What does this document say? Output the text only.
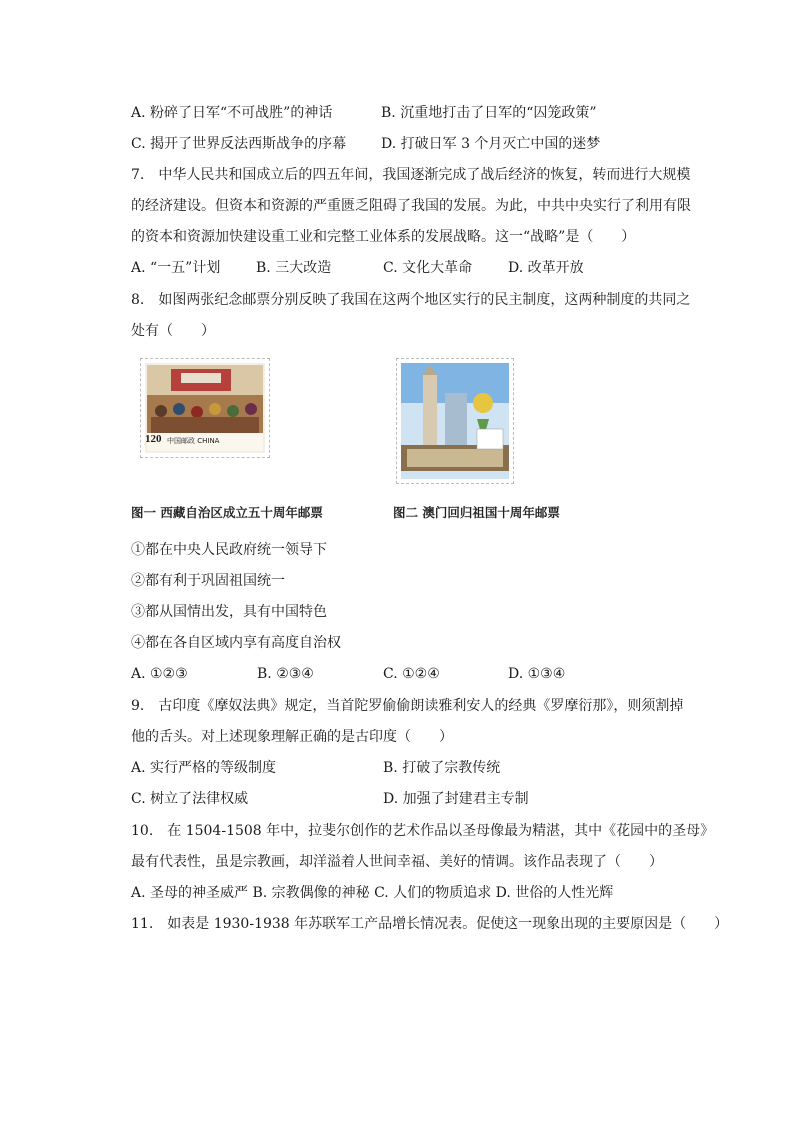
A. 粉碎了日军“不可战胜”的神话	B. 沉重地打击了日军的“囚笼政策”
C. 揭开了世界反法西斯战争的序幕 D. 打破日军 3 个月灭亡中国的迷梦
7.　中华人民共和国成立后的四五年间，我国逐渐完成了战后经济的恢复，转而进行大规模
的经济建设。但资本和资源的严重匮乏阻碍了我国的发展。为此，中共中央实行了利用有限
的资本和资源加快建设重工业和完整工业体系的发展战略。这一“战略”是（　　）
A. “一五”计划	B. 三大改造	C. 文化大革命	D. 改革开放
8.　如图两张纪念邮票分别反映了我国在这两个地区实行的民主制度，这两种制度的共同之
处有（　　）
120 中国邮政 CHINA
图一 西藏自治区成立五十周年邮票	图二 澳门回归祖国十周年邮票
①都在中央人民政府统一领导下
②都有利于巩固祖国统一
③都从国情出发，具有中国特色
④都在各自区域内享有高度自治权
A. ①②③	B. ②③④	C. ①②④	D. ①③④
9.　古印度《摩奴法典》规定，当首陀罗偷偷朗读雅利安人的经典《罗摩衍那》，则须割掉
他的舌头。对上述现象理解正确的是古印度（　　）
A. 实行严格的等级制度	B. 打破了宗教传统
C. 树立了法律权威	D. 加强了封建君主专制
10.　在 1504-1508 年中，拉斐尔创作的艺术作品以圣母像最为精湛，其中《花园中的圣母》
最有代表性，虽是宗教画，却洋溢着人世间幸福、美好的情调。该作品表现了（　　）
A. 圣母的神圣威严 B. 宗教偶像的神秘 C. 人们的物质追求 D. 世俗的人性光辉
11.　如表是 1930-1938 年苏联军工产品增长情况表。促使这一现象出现的主要原因是（　　）
